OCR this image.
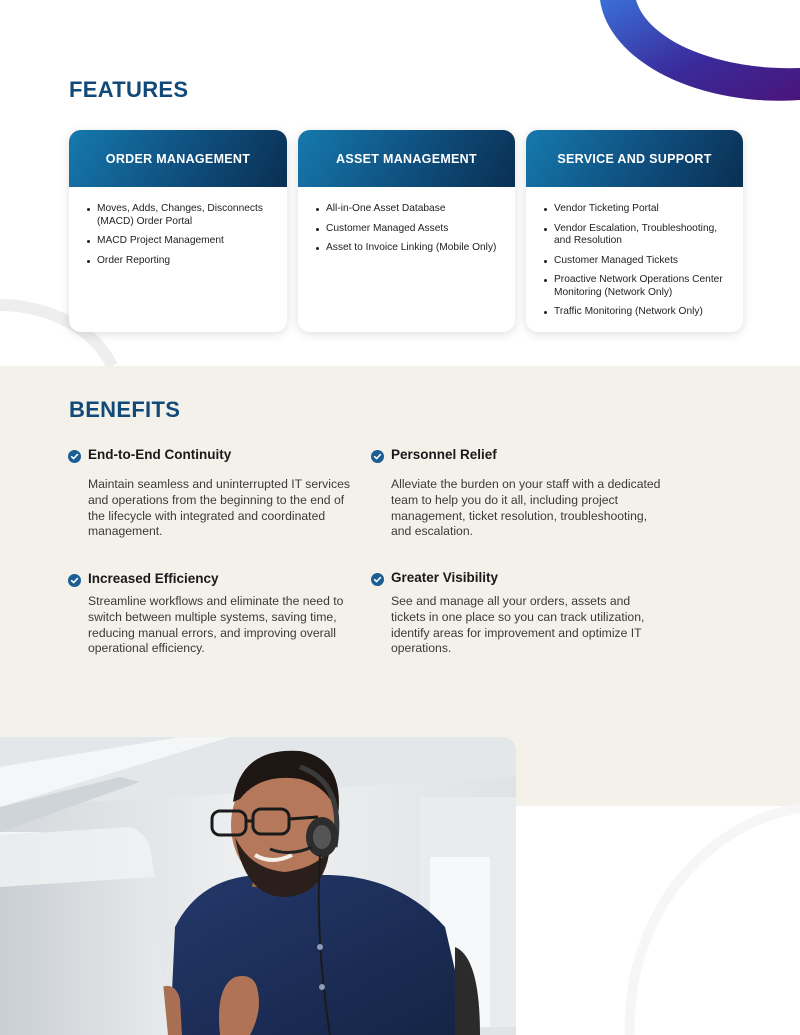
FEATURES
ORDER MANAGEMENT
Moves, Adds, Changes, Disconnects (MACD) Order Portal
MACD Project Management
Order Reporting
ASSET MANAGEMENT
All-in-One Asset Database
Customer Managed Assets
Asset to Invoice Linking (Mobile Only)
SERVICE AND SUPPORT
Vendor Ticketing Portal
Vendor Escalation, Troubleshooting, and Resolution
Customer Managed Tickets
Proactive Network Operations Center Monitoring (Network Only)
Traffic Monitoring (Network Only)
BENEFITS
End-to-End Continuity
Maintain seamless and uninterrupted IT services and operations from the beginning to the end of the lifecycle with integrated and coordinated management.
Personnel Relief
Alleviate the burden on your staff with a dedicated team to help you do it all, including project management, ticket resolution, troubleshooting, and escalation.
Increased Efficiency
Streamline workflows and eliminate the need to switch between multiple systems, saving time, reducing manual errors, and improving overall operational efficiency.
Greater Visibility
See and manage all your orders, assets and tickets in one place so you can track utilization, identify areas for improvement and optimize IT operations.
